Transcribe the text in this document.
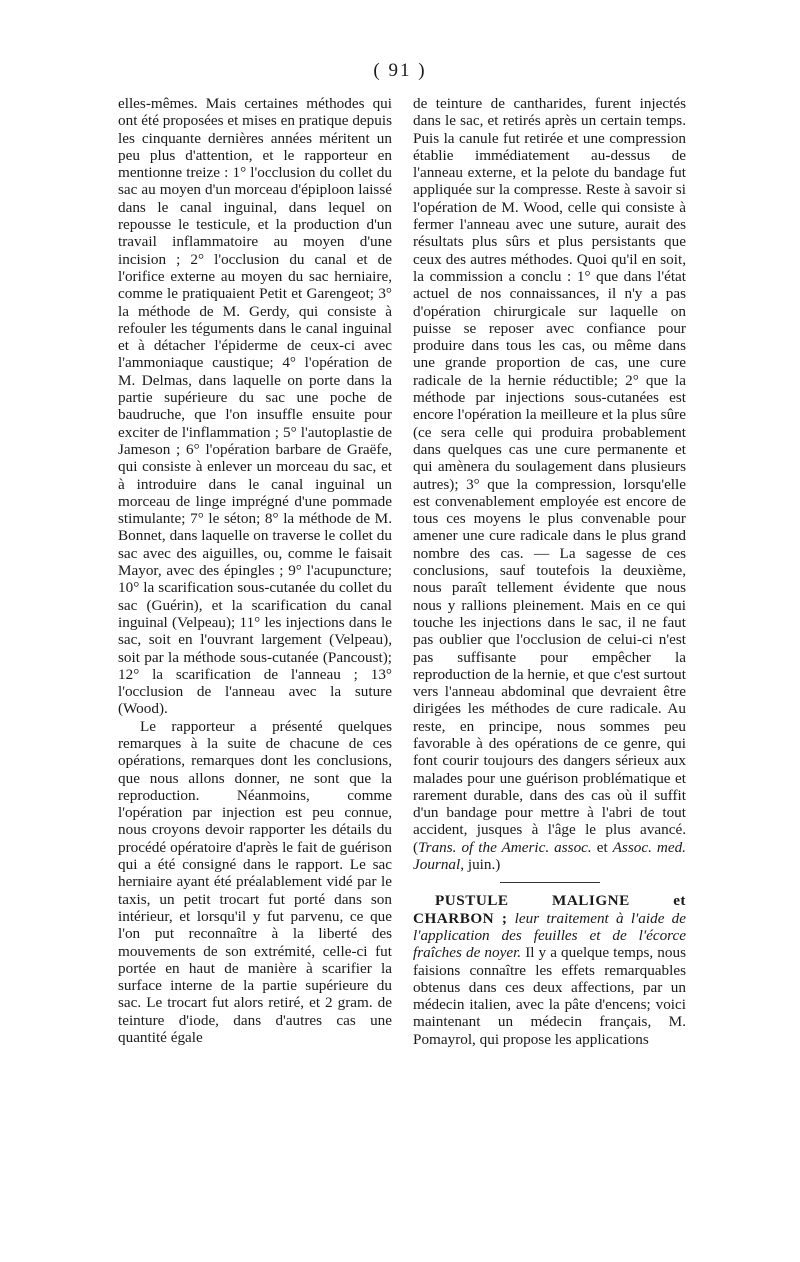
( 91 )

elles-mêmes. Mais certaines méthodes qui ont été proposées et mises en pratique depuis les cinquante dernières années méritent un peu plus d'attention, et le rapporteur en mentionne treize : 1° l'occlusion du collet du sac au moyen d'un morceau d'épiploon laissé dans le canal inguinal, dans lequel on repousse le testicule, et la production d'un travail inflammatoire au moyen d'une incision ; 2° l'occlusion du canal et de l'orifice externe au moyen du sac herniaire, comme le pratiquaient Petit et Garengeot; 3° la méthode de M. Gerdy, qui consiste à refouler les téguments dans le canal inguinal et à détacher l'épiderme de ceux-ci avec l'ammoniaque caustique; 4° l'opération de M. Delmas, dans laquelle on porte dans la partie supérieure du sac une poche de baudruche, que l'on insuffle ensuite pour exciter de l'inflammation ; 5° l'autoplastie de Jameson ; 6° l'opération barbare de Graëfe, qui consiste à enlever un morceau du sac, et à introduire dans le canal inguinal un morceau de linge imprégné d'une pommade stimulante; 7° le séton; 8° la méthode de M. Bonnet, dans laquelle on traverse le collet du sac avec des aiguilles, ou, comme le faisait Mayor, avec des épingles ; 9° l'acupuncture; 10° la scarification sous-cutanée du collet du sac (Guérin), et la scarification du canal inguinal (Velpeau); 11° les injections dans le sac, soit en l'ouvrant largement (Velpeau), soit par la méthode sous-cutanée (Pancoust); 12° la scarification de l'anneau ; 13° l'occlusion de l'anneau avec la suture (Wood).

Le rapporteur a présenté quelques remarques à la suite de chacune de ces opérations, remarques dont les conclusions, que nous allons donner, ne sont que la reproduction. Néanmoins, comme l'opération par injection est peu connue, nous croyons devoir rapporter les détails du procédé opératoire d'après le fait de guérison qui a été consigné dans le rapport. Le sac herniaire ayant été préalablement vidé par le taxis, un petit trocart fut porté dans son intérieur, et lorsqu'il y fut parvenu, ce que l'on put reconnaître à la liberté des mouvements de son extrémité, celle-ci fut portée en haut de manière à scarifier la surface interne de la partie supérieure du sac. Le trocart fut alors retiré, et 2 gram. de teinture d'iode, dans d'autres cas une quantité égale

de teinture de cantharides, furent injectés dans le sac, et retirés après un certain temps. Puis la canule fut retirée et une compression établie immédiatement au-dessus de l'anneau externe, et la pelote du bandage fut appliquée sur la compresse. Reste à savoir si l'opération de M. Wood, celle qui consiste à fermer l'anneau avec une suture, aurait des résultats plus sûrs et plus persistants que ceux des autres méthodes. Quoi qu'il en soit, la commission a conclu : 1° que dans l'état actuel de nos connaissances, il n'y a pas d'opération chirurgicale sur laquelle on puisse se reposer avec confiance pour produire dans tous les cas, ou même dans une grande proportion de cas, une cure radicale de la hernie réductible; 2° que la méthode par injections sous-cutanées est encore l'opération la meilleure et la plus sûre (ce sera celle qui produira probablement dans quelques cas une cure permanente et qui amènera du soulagement dans plusieurs autres); 3° que la compression, lorsqu'elle est convenablement employée est encore de tous ces moyens le plus convenable pour amener une cure radicale dans le plus grand nombre des cas. — La sagesse de ces conclusions, sauf toutefois la deuxième, nous paraît tellement évidente que nous nous y rallions pleinement. Mais en ce qui touche les injections dans le sac, il ne faut pas oublier que l'occlusion de celui-ci n'est pas suffisante pour empêcher la reproduction de la hernie, et que c'est surtout vers l'anneau abdominal que devraient être dirigées les méthodes de cure radicale. Au reste, en principe, nous sommes peu favorable à des opérations de ce genre, qui font courir toujours des dangers sérieux aux malades pour une guérison problématique et rarement durable, dans des cas où il suffit d'un bandage pour mettre à l'abri de tout accident, jusques à l'âge le plus avancé. (Trans. of the Americ. assoc. et Assoc. med. Journal, juin.)

PUSTULE MALIGNE et CHARBON ; leur traitement à l'aide de l'application des feuilles et de l'écorce fraîches de noyer. Il y a quelque temps, nous faisions connaître les effets remarquables obtenus dans ces deux affections, par un médecin italien, avec la pâte d'encens; voici maintenant un médecin français, M. Pomayrol, qui propose les applications
